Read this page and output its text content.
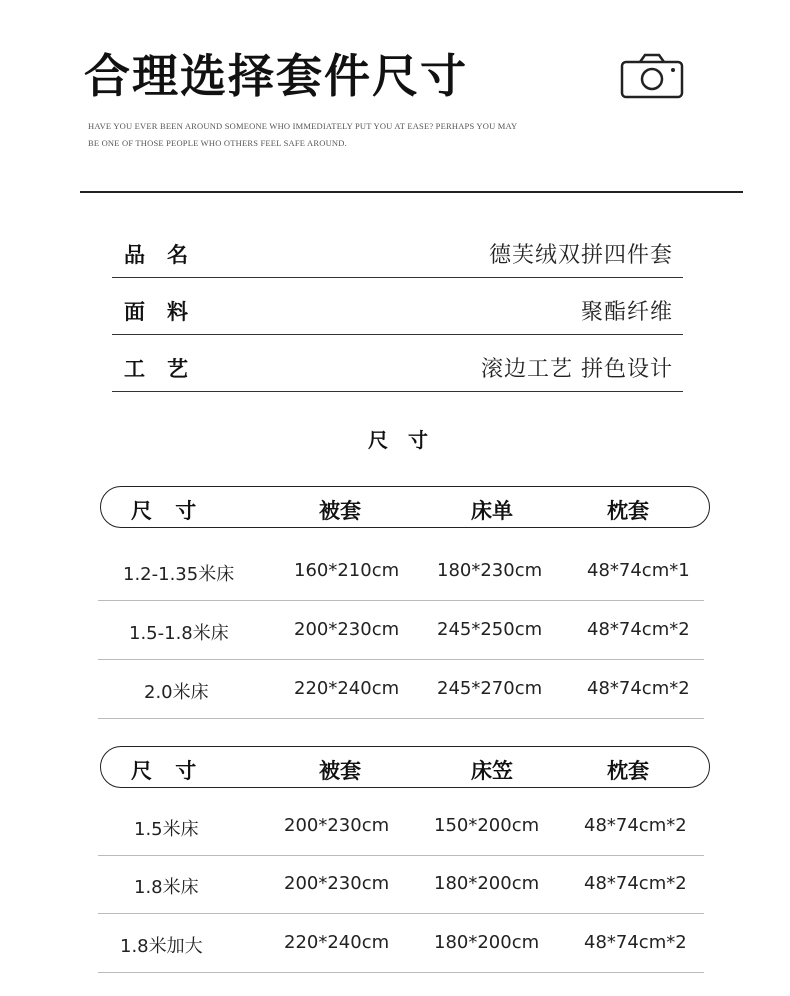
合理选择套件尺寸
HAVE YOU EVER BEEN AROUND SOMEONE WHO IMMEDIATELY PUT YOU AT EASE? PERHAPS YOU MAY
BE ONE OF THOSE PEOPLE WHO OTHERS FEEL SAFE AROUND.
品名	德芙绒双拼四件套
面料	聚酯纤维
工艺	滚边工艺 拼色设计
尺寸
尺 寸	被套	床单	枕套
1.2-1.35米床	160*210cm 180*230cm 48*74cm*1
1.5-1.8米床	200*230cm 245*250cm 48*74cm*2
2.0米床	220*240cm 245*270cm 48*74cm*2
尺 寸	被套	床笠	枕套
1.5米床	200*230cm 150*200cm 48*74cm*2
1.8米床	200*230cm 180*200cm 48*74cm*2
1.8米加大	220*240cm 180*200cm 48*74cm*2
